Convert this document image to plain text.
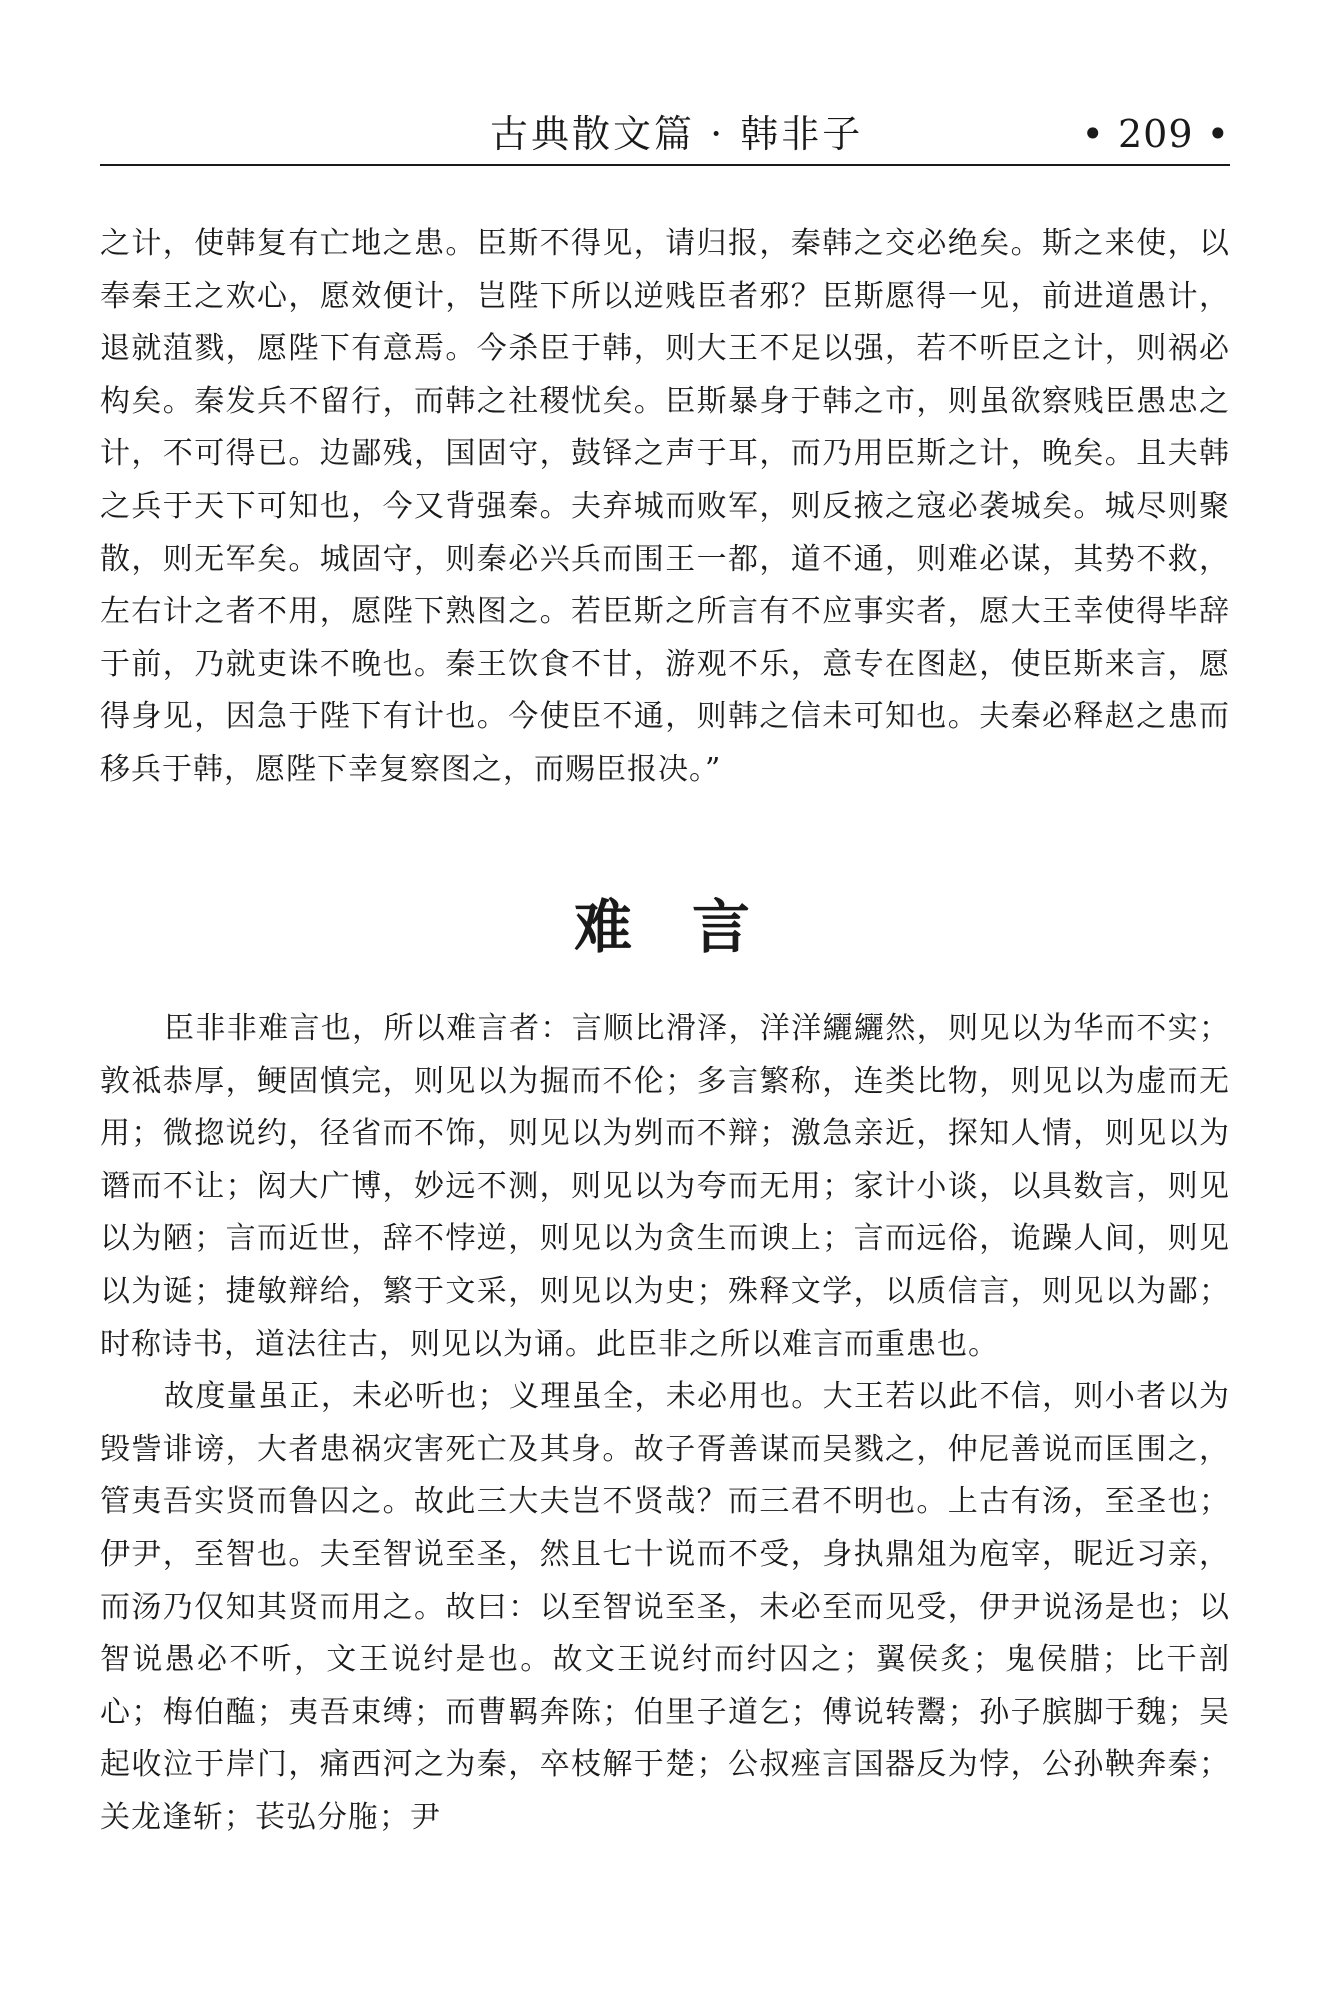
古典散文篇 · 韩非子	• 209 •

之计，使韩复有亡地之患。臣斯不得见，请归报，秦韩之交必绝矣。斯之来使，以奉秦王之欢心，愿效便计，岂陛下所以逆贱臣者邪？臣斯愿得一见，前进道愚计，退就菹戮，愿陛下有意焉。今杀臣于韩，则大王不足以强，若不听臣之计，则祸必构矣。秦发兵不留行，而韩之社稷忧矣。臣斯暴身于韩之市，则虽欲察贱臣愚忠之计，不可得已。边鄙残，国固守，鼓铎之声于耳，而乃用臣斯之计，晚矣。且夫韩之兵于天下可知也，今又背强秦。夫弃城而败军，则反掖之寇必袭城矣。城尽则聚散，则无军矣。城固守，则秦必兴兵而围王一都，道不通，则难必谋，其势不救，左右计之者不用，愿陛下熟图之。若臣斯之所言有不应事实者，愿大王幸使得毕辞于前，乃就吏诛不晚也。秦王饮食不甘，游观不乐，意专在图赵，使臣斯来言，愿得身见，因急于陛下有计也。今使臣不通，则韩之信未可知也。夫秦必释赵之患而移兵于韩，愿陛下幸复察图之，而赐臣报决。”

难言

臣非非难言也，所以难言者：言顺比滑泽，洋洋纚纚然，则见以为华而不实；敦祗恭厚，鲠固慎完，则见以为掘而不伦；多言繁称，连类比物，则见以为虚而无用；微㧾说约，径省而不饰，则见以为刿而不辩；激急亲近，探知人情，则见以为谮而不让；闳大广博，妙远不测，则见以为夸而无用；家计小谈，以具数言，则见以为陋；言而近世，辞不悖逆，则见以为贪生而谀上；言而远俗，诡躁人间，则见以为诞；捷敏辩给，繁于文采，则见以为史；殊释文学，以质信言，则见以为鄙；时称诗书，道法往古，则见以为诵。此臣非之所以难言而重患也。

故度量虽正，未必听也；义理虽全，未必用也。大王若以此不信，则小者以为毁訾诽谤，大者患祸灾害死亡及其身。故子胥善谋而吴戮之，仲尼善说而匡围之，管夷吾实贤而鲁囚之。故此三大夫岂不贤哉？而三君不明也。上古有汤，至圣也；伊尹，至智也。夫至智说至圣，然且七十说而不受，身执鼎俎为庖宰，昵近习亲，而汤乃仅知其贤而用之。故曰：以至智说至圣，未必至而见受，伊尹说汤是也；以智说愚必不听，文王说纣是也。故文王说纣而纣囚之；翼侯炙；鬼侯腊；比干剖心；梅伯醢；夷吾束缚；而曹羁奔陈；伯里子道乞；傅说转鬻；孙子膑脚于魏；吴起收泣于岸门，痛西河之为秦，卒枝解于楚；公叔痤言国器反为悖，公孙鞅奔秦；关龙逢斩；苌弘分胣；尹
